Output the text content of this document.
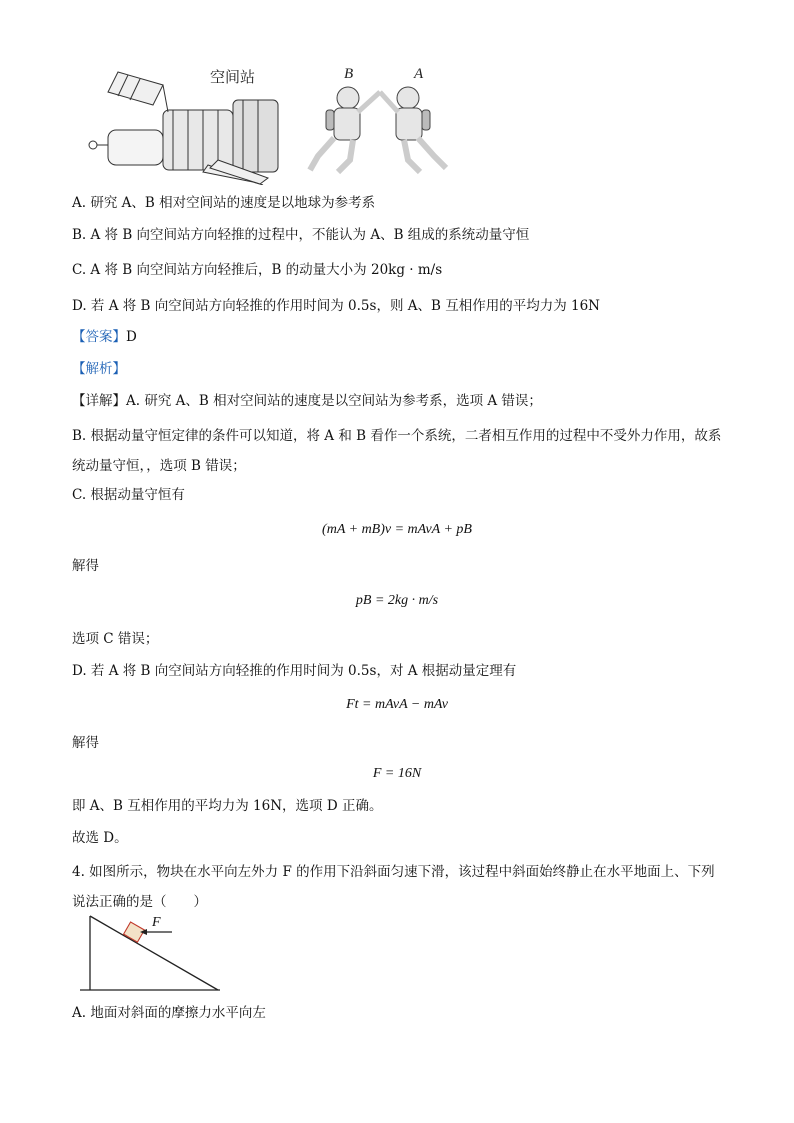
空间站	B	A
A. 研究 A、B 相对空间站的速度是以地球为参考系
B. A 将 B 向空间站方向轻推的过程中，不能认为 A、B 组成的系统动量守恒
C. A 将 B 向空间站方向轻推后，B 的动量大小为 20kg · m/s
D. 若 A 将 B 向空间站方向轻推的作用时间为 0.5s，则 A、B 互相作用的平均力为 16N
【答案】D
【解析】
【详解】A. 研究 A、B 相对空间站的速度是以空间站为参考系，选项 A 错误；
B. 根据动量守恒定律的条件可以知道，将 A 和 B 看作一个系统，二者相互作用的过程中不受外力作用，故系统动量守恒，，选项 B 错误；
C. 根据动量守恒有
(mA + mB)v = mAvA + pB
解得
pB = 2kg · m/s
选项 C 错误；
D. 若 A 将 B 向空间站方向轻推的作用时间为 0.5s，对 A 根据动量定理有
Ft = mAvA − mAv
解得
F = 16N
即 A、B 互相作用的平均力为 16N，选项 D 正确。
故选 D。
4. 如图所示，物块在水平向左外力 F 的作用下沿斜面匀速下滑，该过程中斜面始终静止在水平地面上、下列说法正确的是（　　）
F
A. 地面对斜面的摩擦力水平向左
